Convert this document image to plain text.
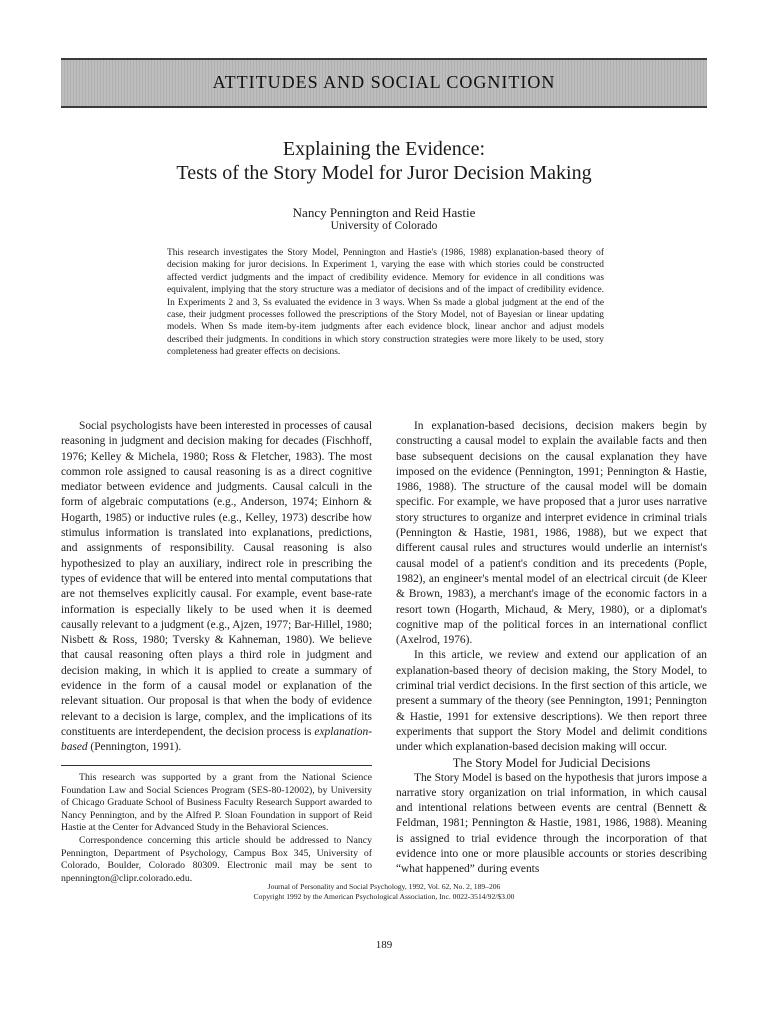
ATTITUDES AND SOCIAL COGNITION
Explaining the Evidence:
Tests of the Story Model for Juror Decision Making
Nancy Pennington and Reid Hastie
University of Colorado

This research investigates the Story Model, Pennington and Hastie's (1986, 1988) explanation-based theory of decision making for juror decisions. In Experiment 1, varying the ease with which stories could be constructed affected verdict judgments and the impact of credibility evidence. Memory for evidence in all conditions was equivalent, implying that the story structure was a mediator of decisions and of the impact of credibility evidence. In Experiments 2 and 3, Ss evaluated the evidence in 3 ways. When Ss made a global judgment at the end of the case, their judgment processes followed the prescriptions of the Story Model, not of Bayesian or linear updating models. When Ss made item-by-item judgments after each evidence block, linear anchor and adjust models described their judgments. In conditions in which story construction strategies were more likely to be used, story completeness had greater effects on decisions.

Social psychologists have been interested in processes of causal reasoning in judgment and decision making for decades (Fischhoff, 1976; Kelley & Michela, 1980; Ross & Fletcher, 1983). The most common role assigned to causal reasoning is as a direct cognitive mediator between evidence and judgments. Causal calculi in the form of algebraic computations (e.g., Anderson, 1974; Einhorn & Hogarth, 1985) or inductive rules (e.g., Kelley, 1973) describe how stimulus information is translated into explanations, predictions, and assignments of responsibility. Causal reasoning is also hypothesized to play an auxiliary, indirect role in prescribing the types of evidence that will be entered into mental computations that are not themselves explicitly causal. For example, event base-rate information is especially likely to be used when it is deemed causally relevant to a judgment (e.g., Ajzen, 1977; Bar-Hillel, 1980; Nisbett & Ross, 1980; Tversky & Kahneman, 1980). We believe that causal reasoning often plays a third role in judgment and decision making, in which it is applied to create a summary of evidence in the form of a causal model or explanation of the relevant situation. Our proposal is that when the body of evidence relevant to a decision is large, complex, and the implications of its constituents are interdependent, the decision process is explanation-based (Pennington, 1991).

This research was supported by a grant from the National Science Foundation Law and Social Sciences Program (SES-80-12002), by University of Chicago Graduate School of Business Faculty Research Support awarded to Nancy Pennington, and by the Alfred P. Sloan Foundation in support of Reid Hastie at the Center for Advanced Study in the Behavioral Sciences.

Correspondence concerning this article should be addressed to Nancy Pennington, Department of Psychology, Campus Box 345, University of Colorado, Boulder, Colorado 80309. Electronic mail may be sent to npennington@clipr.colorado.edu.

In explanation-based decisions, decision makers begin by constructing a causal model to explain the available facts and then base subsequent decisions on the causal explanation they have imposed on the evidence (Pennington, 1991; Pennington & Hastie, 1986, 1988). The structure of the causal model will be domain specific. For example, we have proposed that a juror uses narrative story structures to organize and interpret evidence in criminal trials (Pennington & Hastie, 1981, 1986, 1988), but we expect that different causal rules and structures would underlie an internist's causal model of a patient's condition and its precedents (Pople, 1982), an engineer's mental model of an electrical circuit (de Kleer & Brown, 1983), a merchant's image of the economic factors in a resort town (Hogarth, Michaud, & Mery, 1980), or a diplomat's cognitive map of the political forces in an international conflict (Axelrod, 1976).

In this article, we review and extend our application of an explanation-based theory of decision making, the Story Model, to criminal trial verdict decisions. In the first section of this article, we present a summary of the theory (see Pennington, 1991; Pennington & Hastie, 1991 for extensive descriptions). We then report three experiments that support the Story Model and delimit conditions under which explanation-based decision making will occur.

The Story Model for Judicial Decisions

The Story Model is based on the hypothesis that jurors impose a narrative story organization on trial information, in which causal and intentional relations between events are central (Bennett & Feldman, 1981; Pennington & Hastie, 1981, 1986, 1988). Meaning is assigned to trial evidence through the incorporation of that evidence into one or more plausible accounts or stories describing “what happened” during events

Journal of Personality and Social Psychology, 1992, Vol. 62, No. 2, 189–206
Copyright 1992 by the American Psychological Association, Inc. 0022-3514/92/$3.00
189
